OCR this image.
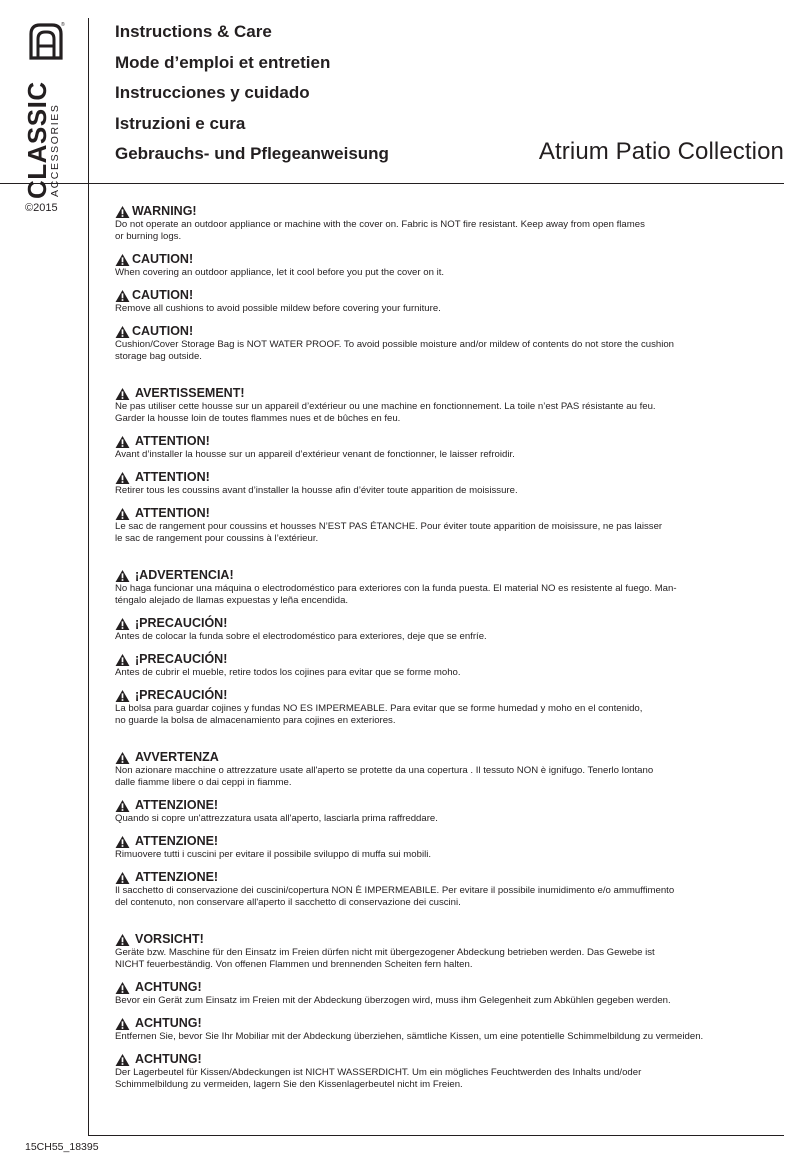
®
CLASSIC
ACCESSORIES
Instructions & Care
Mode d’emploi et entretien
Instrucciones y cuidado
Istruzioni e cura
Gebrauchs- und Pflegeanweisung	Atrium Patio Collection
©2015
15CH55_18395
WARNING!
Do not operate an outdoor appliance or machine with the cover on. Fabric is NOT fire resistant. Keep away from open flames
or burning logs.
CAUTION!
When covering an outdoor appliance, let it cool before you put the cover on it.
CAUTION!
Remove all cushions to avoid possible mildew before covering your furniture.
CAUTION!
Cushion/Cover Storage Bag is NOT WATER PROOF. To avoid possible moisture and/or mildew of contents do not store the cushion
storage bag outside.
AVERTISSEMENT!
Ne pas utiliser cette housse sur un appareil d’extérieur ou une machine en fonctionnement. La toile n’est PAS résistante au feu.
Garder la housse loin de toutes flammes nues et de bûches en feu.
ATTENTION!
Avant d’installer la housse sur un appareil d’extérieur venant de fonctionner, le laisser refroidir.
ATTENTION!
Retirer tous les coussins avant d’installer la housse afin d’éviter toute apparition de moisissure.
ATTENTION!
Le sac de rangement pour coussins et housses N’EST PAS ÉTANCHE. Pour éviter toute apparition de moisissure, ne pas laisser
le sac de rangement pour coussins à l’extérieur.
¡ADVERTENCIA!
No haga funcionar una máquina o electrodoméstico para exteriores con la funda puesta. El material NO es resistente al fuego. Man-
téngalo alejado de llamas expuestas y leña encendida.
¡PRECAUCIÓN!
Antes de colocar la funda sobre el electrodoméstico para exteriores, deje que se enfríe.
¡PRECAUCIÓN!
Antes de cubrir el mueble, retire todos los cojines para evitar que se forme moho.
¡PRECAUCIÓN!
La bolsa para guardar cojines y fundas NO ES IMPERMEABLE. Para evitar que se forme humedad y moho en el contenido,
no guarde la bolsa de almacenamiento para cojines en exteriores.
AVVERTENZA
Non azionare macchine o attrezzature usate all'aperto se protette da una copertura . Il tessuto NON è ignifugo. Tenerlo lontano
dalle fiamme libere o dai ceppi in fiamme.
ATTENZIONE!
Quando si copre un'attrezzatura usata all'aperto, lasciarla prima raffreddare.
ATTENZIONE!
Rimuovere tutti i cuscini per evitare il possibile sviluppo di muffa sui mobili.
ATTENZIONE!
Il sacchetto di conservazione dei cuscini/copertura NON È IMPERMEABILE. Per evitare il possibile inumidimento e/o ammuffimento
del contenuto, non conservare all'aperto il sacchetto di conservazione dei cuscini.
VORSICHT!
Geräte bzw. Maschine für den Einsatz im Freien dürfen nicht mit übergezogener Abdeckung betrieben werden. Das Gewebe ist
NICHT feuerbeständig. Von offenen Flammen und brennenden Scheiten fern halten.
ACHTUNG!
Bevor ein Gerät zum Einsatz im Freien mit der Abdeckung überzogen wird, muss ihm Gelegenheit zum Abkühlen gegeben werden.
ACHTUNG!
Entfernen Sie, bevor Sie Ihr Mobiliar mit der Abdeckung überziehen, sämtliche Kissen, um eine potentielle Schimmelbildung zu vermeiden.
ACHTUNG!
Der Lagerbeutel für Kissen/Abdeckungen ist NICHT WASSERDICHT. Um ein mögliches Feuchtwerden des Inhalts und/oder
Schimmelbildung zu vermeiden, lagern Sie den Kissenlagerbeutel nicht im Freien.
